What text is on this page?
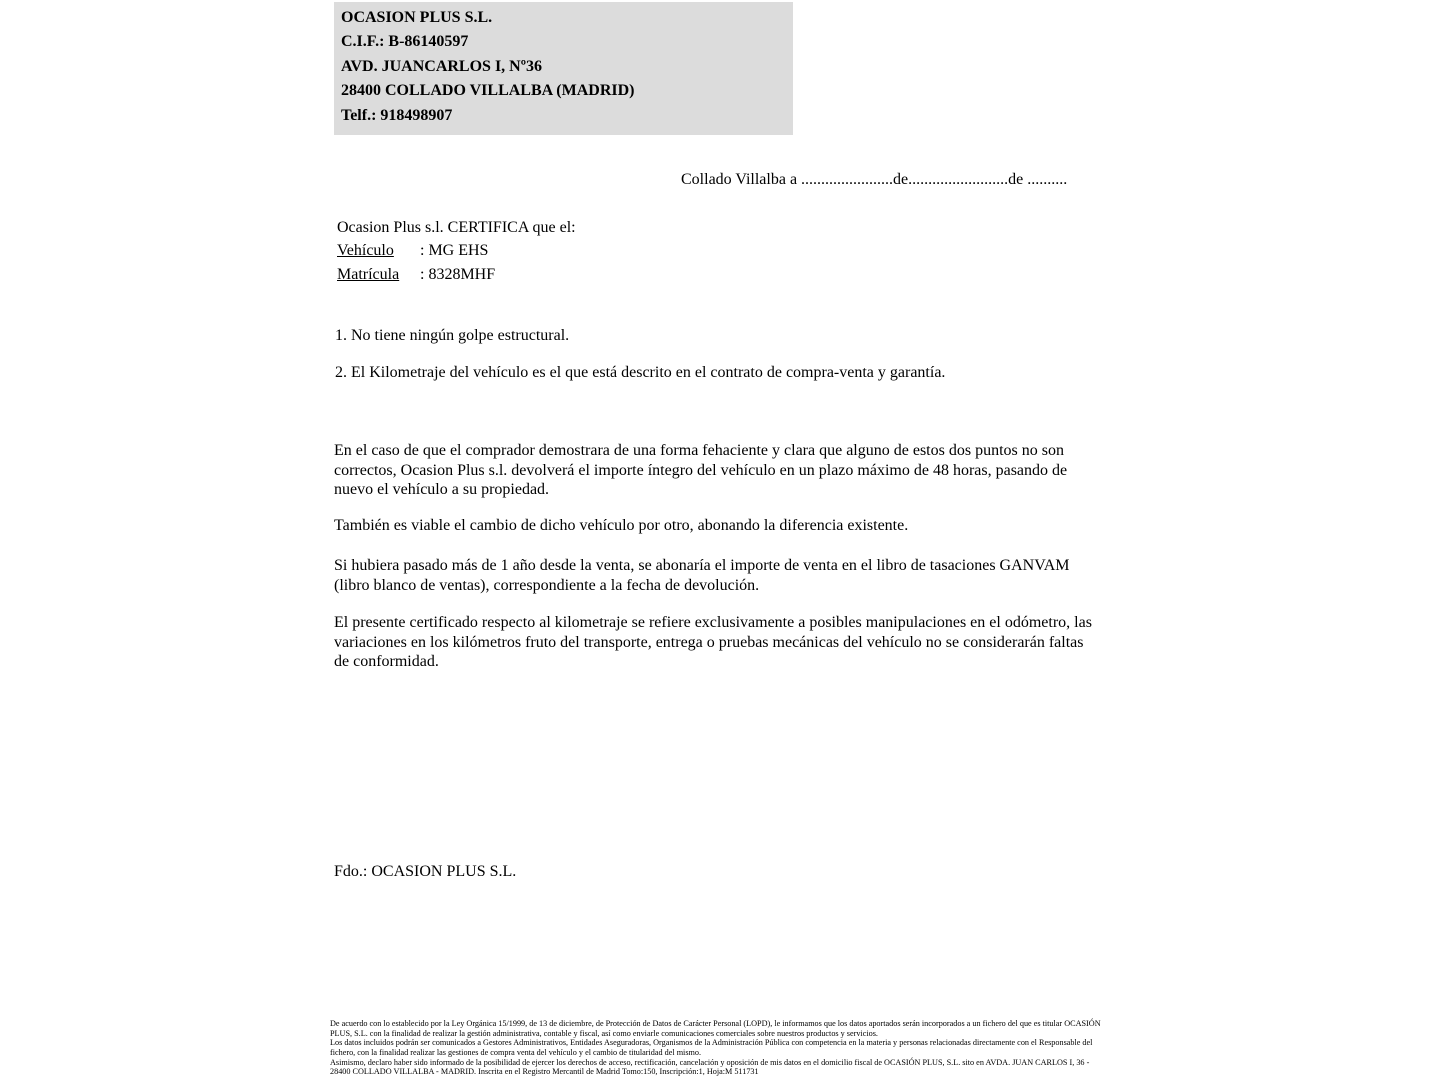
OCASION PLUS S.L.
C.I.F.: B-86140597
AVD. JUANCARLOS I, Nº36
28400 COLLADO VILLALBA (MADRID)
Telf.: 918498907
Collado Villalba a .......................de.........................de ..........
Ocasion Plus s.l. CERTIFICA que el:
Vehículo : MG EHS
Matrícula : 8328MHF

1. No tiene ningún golpe estructural.

2. El Kilometraje del vehículo es el que está descrito en el contrato de compra-venta y garantía.

En el caso de que el comprador demostrara de una forma fehaciente y clara que alguno de estos dos puntos no son correctos, Ocasion Plus s.l. devolverá el importe íntegro del vehículo en un plazo máximo de 48 horas, pasando de nuevo el vehículo a su propiedad.

También es viable el cambio de dicho vehículo por otro, abonando la diferencia existente.

Si hubiera pasado más de 1 año desde la venta, se abonaría el importe de venta en el libro de tasaciones GANVAM (libro blanco de ventas), correspondiente a la fecha de devolución.

El presente certificado respecto al kilometraje se refiere exclusivamente a posibles manipulaciones en el odómetro, las variaciones en los kilómetros fruto del transporte, entrega o pruebas mecánicas del vehículo no se considerarán faltas de conformidad.

Fdo.: OCASION PLUS S.L.

De acuerdo con lo establecido por la Ley Orgánica 15/1999, de 13 de diciembre, de Protección de Datos de Carácter Personal (LOPD), le informamos que los datos aportados serán incorporados a un fichero del que es titular OCASIÓN PLUS, S.L. con la finalidad de realizar la gestión administrativa, contable y fiscal, así como enviarle comunicaciones comerciales sobre nuestros productos y servicios.

Los datos incluidos podrán ser comunicados a Gestores Administrativos, Entidades Aseguradoras, Organismos de la Administración Pública con competencia en la materia y personas relacionadas directamente con el Responsable del fichero, con la finalidad realizar las gestiones de compra venta del vehículo y el cambio de titularidad del mismo.

Asimismo, declaro haber sido informado de la posibilidad de ejercer los derechos de acceso, rectificación, cancelación y oposición de mis datos en el domicilio fiscal de OCASIÓN PLUS, S.L. sito en AVDA. JUAN CARLOS I, 36 - 28400 COLLADO VILLALBA - MADRID. Inscrita en el Registro Mercantil de Madrid Tomo:150, Inscripción:1, Hoja:M 511731
